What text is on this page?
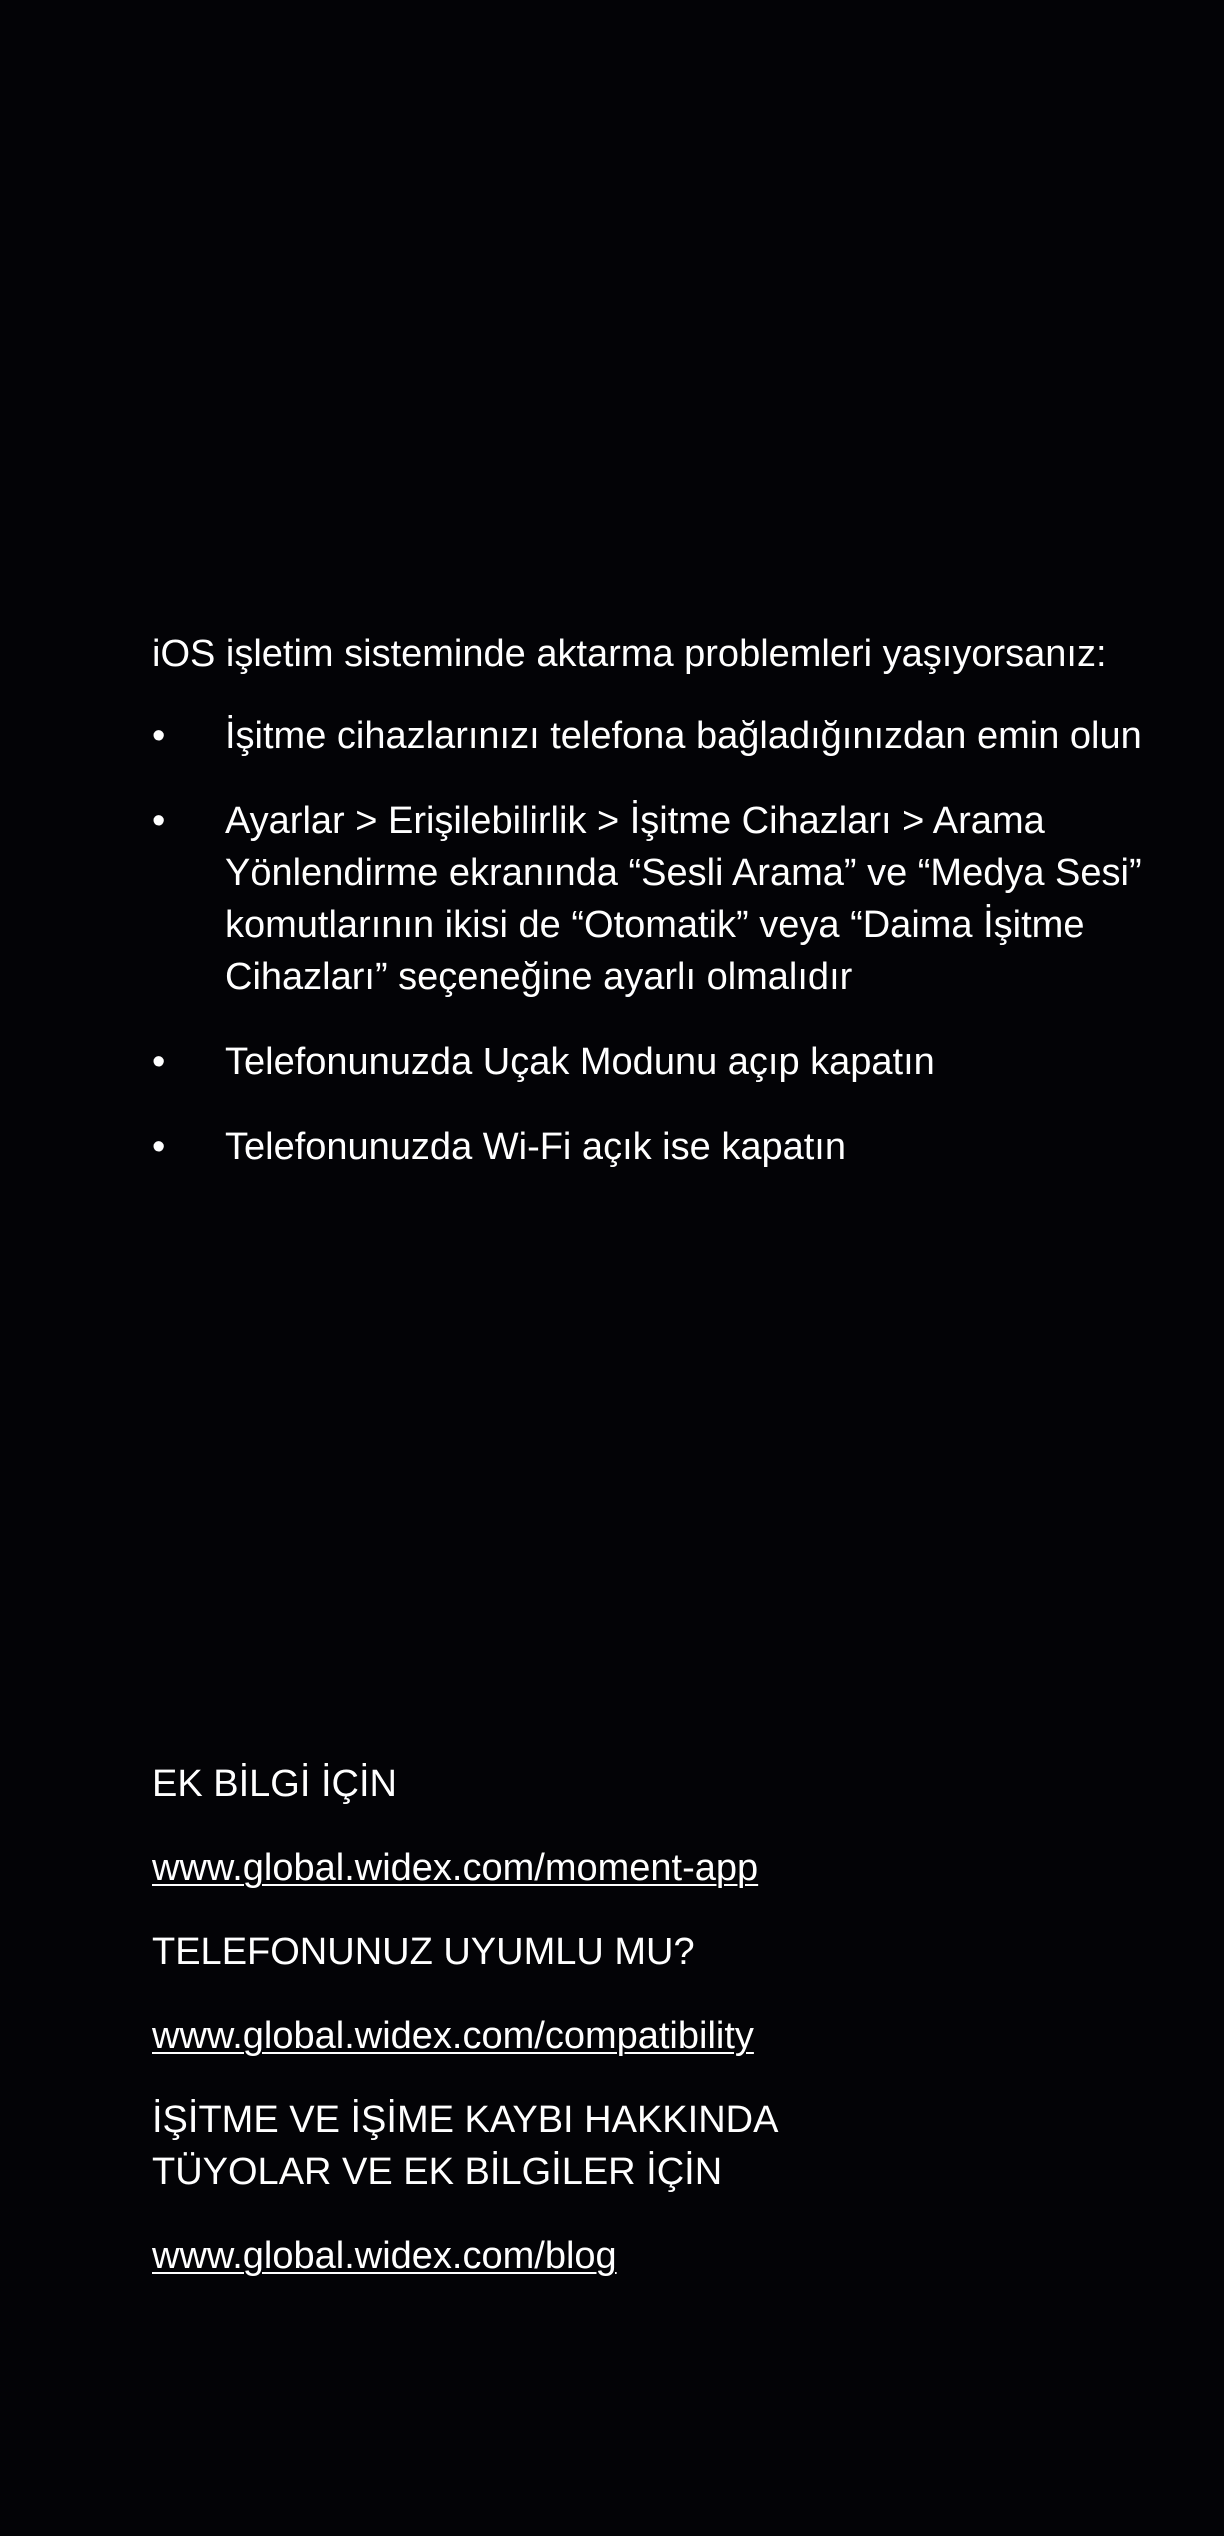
iOS işletim sisteminde aktarma problemleri yaşıyorsanız:

• İşitme cihazlarınızı telefona bağladığınızdan emin olun
• Ayarlar > Erişilebilirlik > İşitme Cihazları > Arama Yönlendirme ekranında “Sesli Arama” ve “Medya Sesi” komutlarının ikisi de “Otomatik” veya “Daima İşitme Cihazları” seçeneğine ayarlı olmalıdır
• Telefonunuzda Uçak Modunu açıp kapatın
• Telefonunuzda Wi-Fi açık ise kapatın

EK BİLGİ İÇİN

www.global.widex.com/moment-app

TELEFONUNUZ UYUMLU MU?

www.global.widex.com/compatibility

İŞİTME VE İŞİME KAYBI HAKKINDA
TÜYOLAR VE EK BİLGİLER İÇİN

www.global.widex.com/blog
